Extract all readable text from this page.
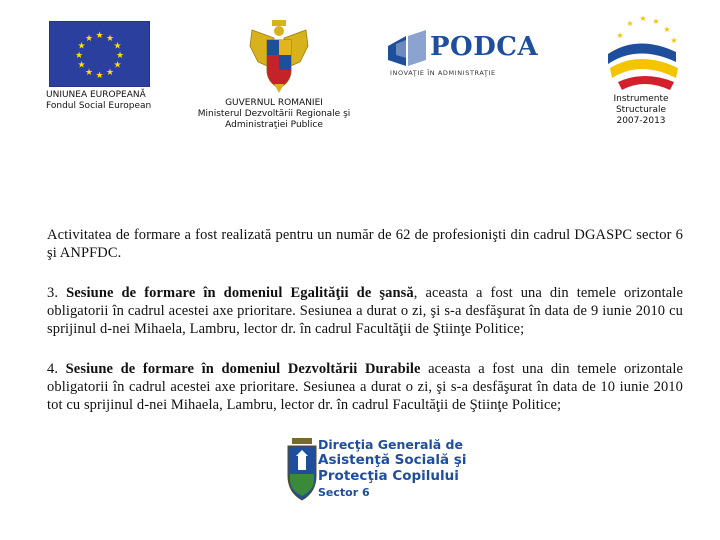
★ ★
★
★
★
★
★
★
★
★
★
★
UNIUNEA EUROPEANĂ
Fondul Social European	GUVERNUL ROMANIEI
Ministerul Dezvoltării Regionale şi
Administraţiei Publice
PODCA
INOVAŢIE ÎN ADMINISTRAŢIE
★
★
★ ★
★
★
Instrumente
Structurale
2007-2013
Activitatea de formare a fost realizată pentru un număr de 62 de profesionişti din cadrul DGASPC sector 6 şi ANPFDC.
3. Sesiune de formare în domeniul Egalităţii de şansă, aceasta a fost una din temele orizontale obligatorii în cadrul acestei axe prioritare. Sesiunea a durat o zi, şi s-a desfăşurat în data de 9 iunie 2010 cu sprijinul d-nei Mihaela, Lambru, lector dr. în cadrul Facultăţii de Ştiinţe Politice;
4. Sesiune de formare în domeniul Dezvoltării Durabile aceasta a fost una din temele orizontale obligatorii în cadrul acestei axe prioritare. Sesiunea a durat o zi, şi s-a desfăşurat în data de 10 iunie 2010 tot cu sprijinul d-nei Mihaela, Lambru, lector dr. în cadrul Facultăţii de Ştiinţe Politice;
Direcţia Generală de
Asistenţă Socială şi
Protecţia Copilului
Sector 6
